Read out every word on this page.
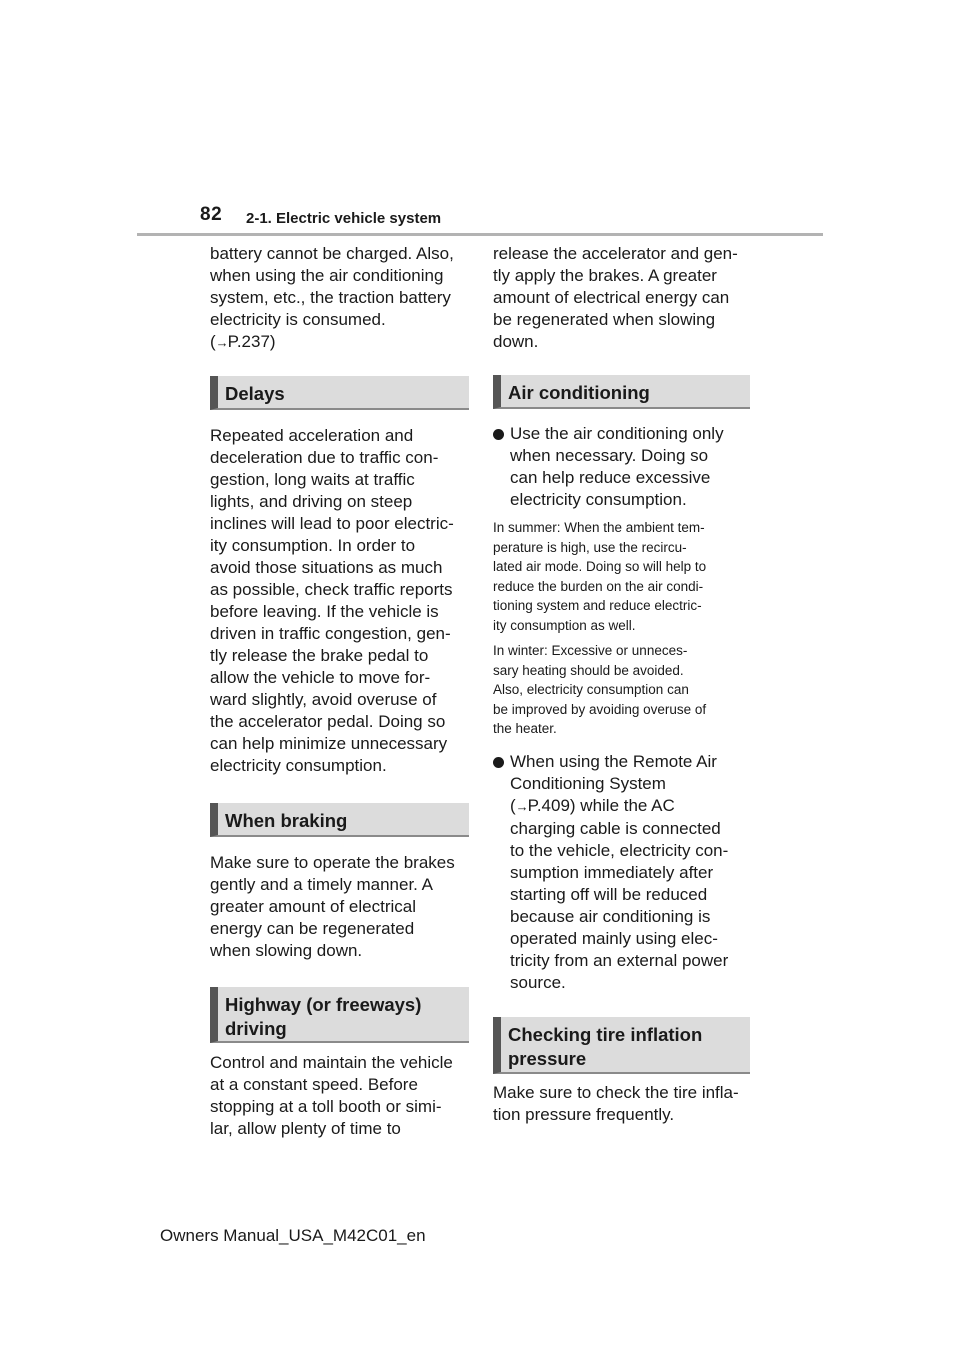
82 2-1. Electric vehicle system
battery cannot be charged. Also,
when using the air conditioning
system, etc., the traction battery
electricity is consumed.
(→P.237)
Delays
Repeated acceleration and
deceleration due to traffic con-
gestion, long waits at traffic
lights, and driving on steep
inclines will lead to poor electric-
ity consumption. In order to
avoid those situations as much
as possible, check traffic reports
before leaving. If the vehicle is
driven in traffic congestion, gen-
tly release the brake pedal to
allow the vehicle to move for-
ward slightly, avoid overuse of
the accelerator pedal. Doing so
can help minimize unnecessary
electricity consumption.
When braking
Make sure to operate the brakes
gently and a timely manner. A
greater amount of electrical
energy can be regenerated
when slowing down.
Highway (or freeways)
driving
Control and maintain the vehicle
at a constant speed. Before
stopping at a toll booth or simi-
lar, allow plenty of time to
release the accelerator and gen-
tly apply the brakes. A greater
amount of electrical energy can
be regenerated when slowing
down.
Air conditioning
Use the air conditioning only
when necessary. Doing so
can help reduce excessive
electricity consumption.
In summer: When the ambient tem-
perature is high, use the recircu-
lated air mode. Doing so will help to
reduce the burden on the air condi-
tioning system and reduce electric-
ity consumption as well.
In winter: Excessive or unneces-
sary heating should be avoided.
Also, electricity consumption can
be improved by avoiding overuse of
the heater.
When using the Remote Air
Conditioning System
(→P.409) while the AC
charging cable is connected
to the vehicle, electricity con-
sumption immediately after
starting off will be reduced
because air conditioning is
operated mainly using elec-
tricity from an external power
source.
Checking tire inflation
pressure
Make sure to check the tire infla-
tion pressure frequently.
Owners Manual_USA_M42C01_en
